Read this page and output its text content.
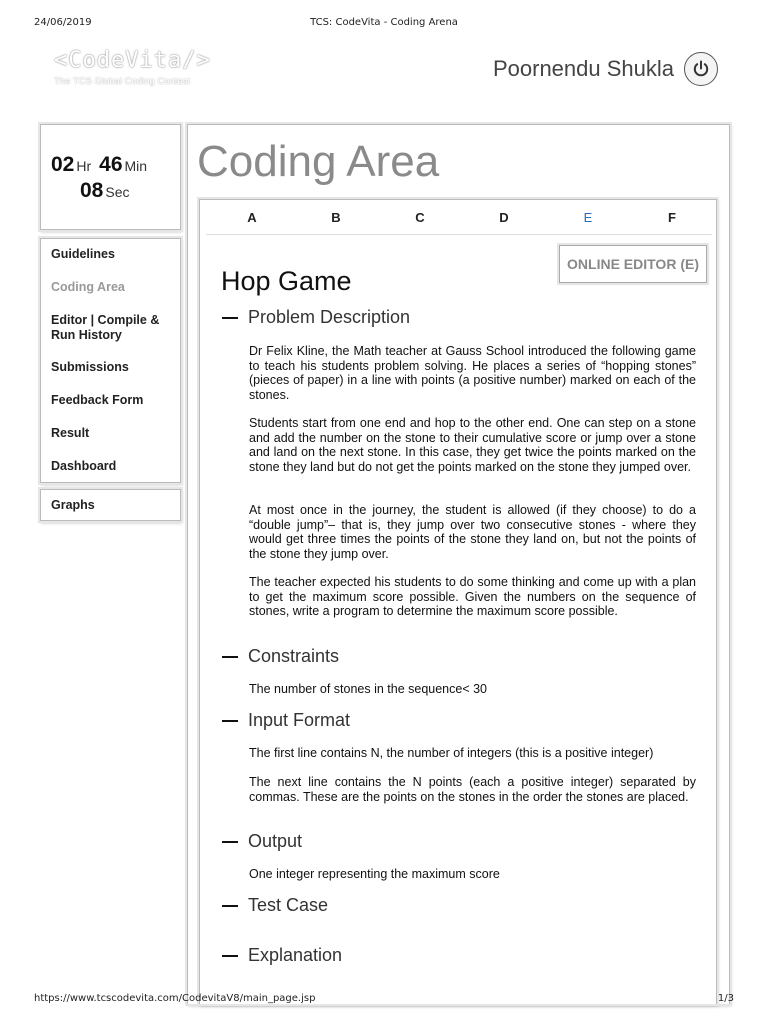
24/06/2019	TCS: CodeVita - Coding Arena
<CodeVita/>
The TCS Global Coding Contest
Poornendu Shukla
02 Hr 46 Min
08 Sec
Guidelines
Coding Area
Editor | Compile & Run History
Submissions
Feedback Form
Result
Dashboard
Graphs
Coding Area
A	B	C	D	E	F
ONLINE EDITOR (E)
Hop Game
Problem Description
Dr Felix Kline, the Math teacher at Gauss School introduced the following game to teach his students problem solving. He places a series of “hopping stones” (pieces of paper) in a line with points (a positive number) marked on each of the stones.
Students start from one end and hop to the other end. One can step on a stone and add the number on the stone to their cumulative score or jump over a stone and land on the next stone. In this case, they get twice the points marked on the stone they land but do not get the points marked on the stone they jumped over.
At most once in the journey, the student is allowed (if they choose) to do a “double jump”– that is, they jump over two consecutive stones - where they would get three times the points of the stone they land on, but not the points of the stone they jump over.
The teacher expected his students to do some thinking and come up with a plan to get the maximum score possible. Given the numbers on the sequence of stones, write a program to determine the maximum score possible.
Constraints
The number of stones in the sequence< 30
Input Format
The first line contains N, the number of integers (this is a positive integer)
The next line contains the N points (each a positive integer) separated by commas. These are the points on the stones in the order the stones are placed.
Output
One integer representing the maximum score
Test Case
Explanation
https://www.tcscodevita.com/CodevitaV8/main_page.jsp	1/3
